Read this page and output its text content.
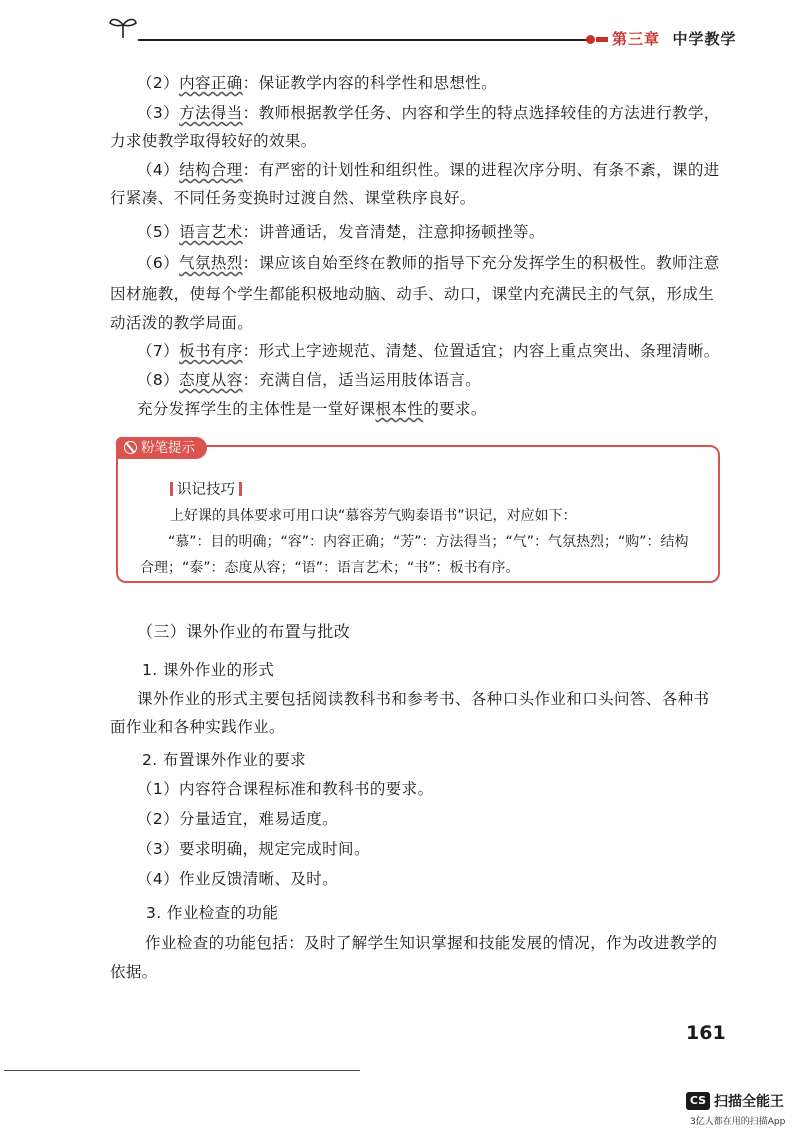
第三章 中学教学
（2）内容正确：保证教学内容的科学性和思想性。
（3）方法得当：教师根据教学任务、内容和学生的特点选择较佳的方法进行教学，
力求使教学取得较好的效果。
（4）结构合理：有严密的计划性和组织性。课的进程次序分明、有条不紊，课的进
行紧凑、不同任务变换时过渡自然、课堂秩序良好。
（5）语言艺术：讲普通话，发音清楚，注意抑扬顿挫等。
（6）气氛热烈：课应该自始至终在教师的指导下充分发挥学生的积极性。教师注意
因材施教，使每个学生都能积极地动脑、动手、动口，课堂内充满民主的气氛，形成生
动活泼的教学局面。
（7）板书有序：形式上字迹规范、清楚、位置适宜；内容上重点突出、条理清晰。
（8）态度从容：充满自信，适当运用肢体语言。
充分发挥学生的主体性是一堂好课根本性的要求。
粉笔提示
识记技巧
上好课的具体要求可用口诀“慕容芳气购泰语书”识记，对应如下：
“慕”：目的明确；“容”：内容正确；“芳”：方法得当；“气”：气氛热烈；“购”：结构
合理；“泰”：态度从容；“语”：语言艺术；“书”：板书有序。
（三）课外作业的布置与批改
1. 课外作业的形式
课外作业的形式主要包括阅读教科书和参考书、各种口头作业和口头问答、各种书
面作业和各种实践作业。
2. 布置课外作业的要求
（1）内容符合课程标准和教科书的要求。
（2）分量适宜，难易适度。
（3）要求明确，规定完成时间。
（4）作业反馈清晰、及时。
3. 作业检查的功能
作业检查的功能包括：及时了解学生知识掌握和技能发展的情况，作为改进教学的
依据。
161
CS 扫描全能王
3亿人都在用的扫描App
